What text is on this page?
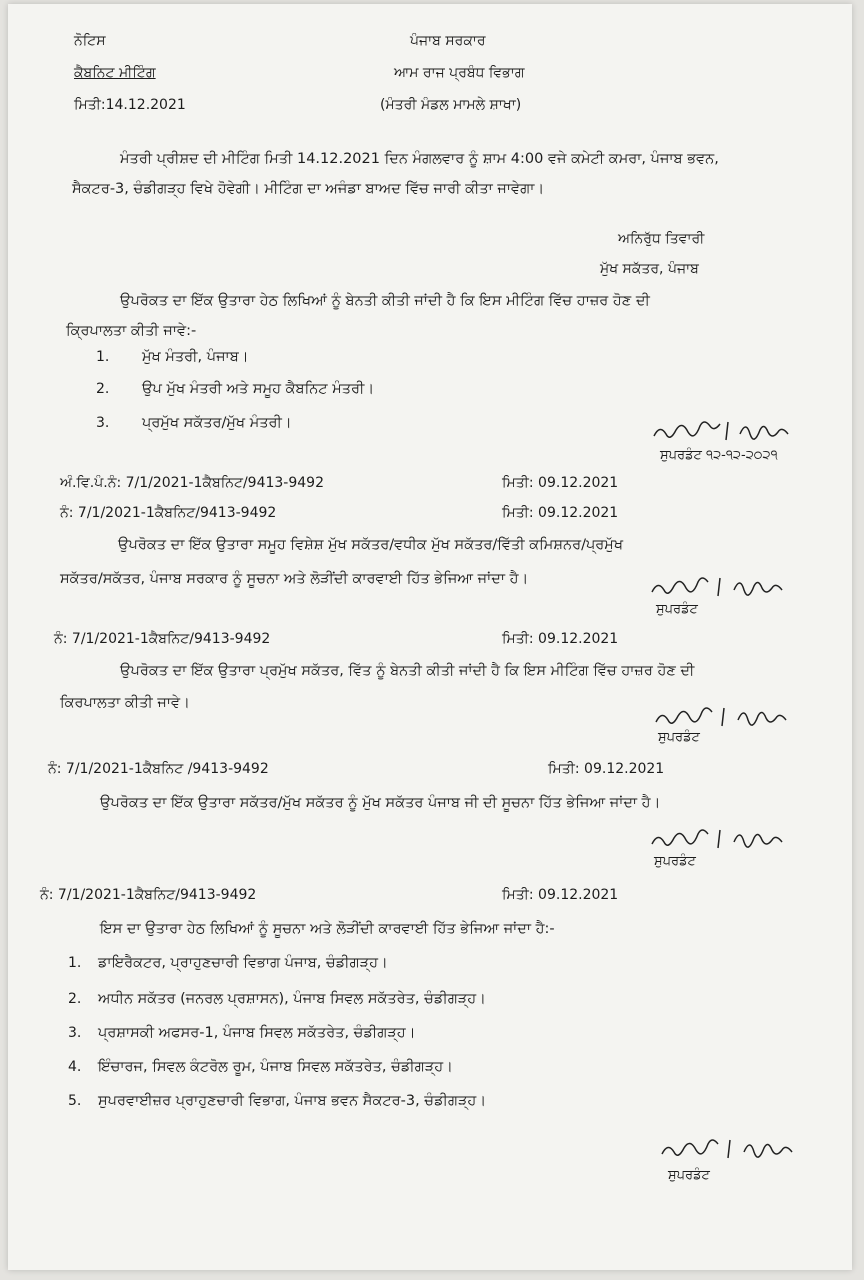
ਨੋਟਿਸ
ਕੈਬਨਿਟ ਮੀਟਿੰਗ
ਮਿਤੀ:14.12.2021
ਪੰਜਾਬ ਸਰਕਾਰ
ਆਮ ਰਾਜ ਪ੍ਰਬੰਧ ਵਿਭਾਗ
(ਮੰਤਰੀ ਮੰਡਲ ਮਾਮਲੇ ਸ਼ਾਖਾ)
ਮੰਤਰੀ ਪ੍ਰੀਸ਼ਦ ਦੀ ਮੀਟਿੰਗ ਮਿਤੀ 14.12.2021 ਦਿਨ ਮੰਗਲਵਾਰ ਨੂੰ ਸ਼ਾਮ 4:00 ਵਜੇ ਕਮੇਟੀ ਕਮਰਾ, ਪੰਜਾਬ ਭਵਨ,
ਸੈਕਟਰ-3, ਚੰਡੀਗੜ੍ਹ ਵਿਖੇ ਹੋਵੇਗੀ। ਮੀਟਿੰਗ ਦਾ ਅਜੰਡਾ ਬਾਅਦ ਵਿੱਚ ਜਾਰੀ ਕੀਤਾ ਜਾਵੇਗਾ।
ਅਨਿਰੁੱਧ ਤਿਵਾਰੀ
ਮੁੱਖ ਸਕੱਤਰ, ਪੰਜਾਬ
ਉਪਰੋਕਤ ਦਾ ਇੱਕ ਉਤਾਰਾ ਹੇਠ ਲਿਖਿਆਂ ਨੂੰ ਬੇਨਤੀ ਕੀਤੀ ਜਾਂਦੀ ਹੈ ਕਿ ਇਸ ਮੀਟਿੰਗ ਵਿੱਚ ਹਾਜ਼ਰ ਹੋਣ ਦੀ
ਕ੍ਰਿਪਾਲਤਾ ਕੀਤੀ ਜਾਵੇ:-
1. ਮੁੱਖ ਮੰਤਰੀ, ਪੰਜਾਬ।
2. ਉਪ ਮੁੱਖ ਮੰਤਰੀ ਅਤੇ ਸਮੂਹ ਕੈਬਨਿਟ ਮੰਤਰੀ।
3. ਪ੍ਰਮੁੱਖ ਸਕੱਤਰ/ਮੁੱਖ ਮੰਤਰੀ।
ਸੁਪਰਡੰਟ ੧੨-੧੨-੨੦੨੧
ਅੰ.ਵਿ.ਪੰ.ਨੰ: 7/1/2021-1ਕੈਬਨਿਟ/9413-9492	ਮਿਤੀ: 09.12.2021
ਨੰ: 7/1/2021-1ਕੈਬਨਿਟ/9413-9492	ਮਿਤੀ: 09.12.2021
ਉਪਰੋਕਤ ਦਾ ਇੱਕ ਉਤਾਰਾ ਸਮੂਹ ਵਿਸ਼ੇਸ਼ ਮੁੱਖ ਸਕੱਤਰ/ਵਧੀਕ ਮੁੱਖ ਸਕੱਤਰ/ਵਿੱਤੀ ਕਮਿਸ਼ਨਰ/ਪ੍ਰਮੁੱਖ
ਸਕੱਤਰ/ਸਕੱਤਰ, ਪੰਜਾਬ ਸਰਕਾਰ ਨੂੰ ਸੂਚਨਾ ਅਤੇ ਲੋੜੀਂਦੀ ਕਾਰਵਾਈ ਹਿੱਤ ਭੇਜਿਆ ਜਾਂਦਾ ਹੈ।
ਸੁਪਰਡੰਟ
ਨੰ: 7/1/2021-1ਕੈਬਨਿਟ/9413-9492	ਮਿਤੀ: 09.12.2021
ਉਪਰੋਕਤ ਦਾ ਇੱਕ ਉਤਾਰਾ ਪ੍ਰਮੁੱਖ ਸਕੱਤਰ, ਵਿੱਤ ਨੂੰ ਬੇਨਤੀ ਕੀਤੀ ਜਾਂਦੀ ਹੈ ਕਿ ਇਸ ਮੀਟਿੰਗ ਵਿੱਚ ਹਾਜ਼ਰ ਹੋਣ ਦੀ
ਕਿਰਪਾਲਤਾ ਕੀਤੀ ਜਾਵੇ।
ਸੁਪਰਡੰਟ
ਨੰ: 7/1/2021-1ਕੈਬਨਿਟ /9413-9492	ਮਿਤੀ: 09.12.2021
ਉਪਰੋਕਤ ਦਾ ਇੱਕ ਉਤਾਰਾ ਸਕੱਤਰ/ਮੁੱਖ ਸਕੱਤਰ ਨੂੰ ਮੁੱਖ ਸਕੱਤਰ ਪੰਜਾਬ ਜੀ ਦੀ ਸੂਚਨਾ ਹਿੱਤ ਭੇਜਿਆ ਜਾਂਦਾ ਹੈ।
ਸੁਪਰਡੰਟ
ਨੰ: 7/1/2021-1ਕੈਬਨਿਟ/9413-9492	ਮਿਤੀ: 09.12.2021
ਇਸ ਦਾ ਉਤਾਰਾ ਹੇਠ ਲਿਖਿਆਂ ਨੂੰ ਸੂਚਨਾ ਅਤੇ ਲੋੜੀਂਦੀ ਕਾਰਵਾਈ ਹਿੱਤ ਭੇਜਿਆ ਜਾਂਦਾ ਹੈ:-
1. ਡਾਇਰੈਕਟਰ, ਪ੍ਰਾਹੁਣਚਾਰੀ ਵਿਭਾਗ ਪੰਜਾਬ, ਚੰਡੀਗੜ੍ਹ।
2. ਅਧੀਨ ਸਕੱਤਰ (ਜਨਰਲ ਪ੍ਰਸ਼ਾਸਨ), ਪੰਜਾਬ ਸਿਵਲ ਸਕੱਤਰੇਤ, ਚੰਡੀਗੜ੍ਹ।
3. ਪ੍ਰਸ਼ਾਸਕੀ ਅਫਸਰ-1, ਪੰਜਾਬ ਸਿਵਲ ਸਕੱਤਰੇਤ, ਚੰਡੀਗੜ੍ਹ।
4. ਇੰਚਾਰਜ, ਸਿਵਲ ਕੰਟਰੋਲ ਰੂਮ, ਪੰਜਾਬ ਸਿਵਲ ਸਕੱਤਰੇਤ, ਚੰਡੀਗੜ੍ਹ।
5. ਸੁਪਰਵਾਈਜ਼ਰ ਪ੍ਰਾਹੁਣਚਾਰੀ ਵਿਭਾਗ, ਪੰਜਾਬ ਭਵਨ ਸੈਕਟਰ-3, ਚੰਡੀਗੜ੍ਹ।
ਸੁਪਰਡੰਟ
